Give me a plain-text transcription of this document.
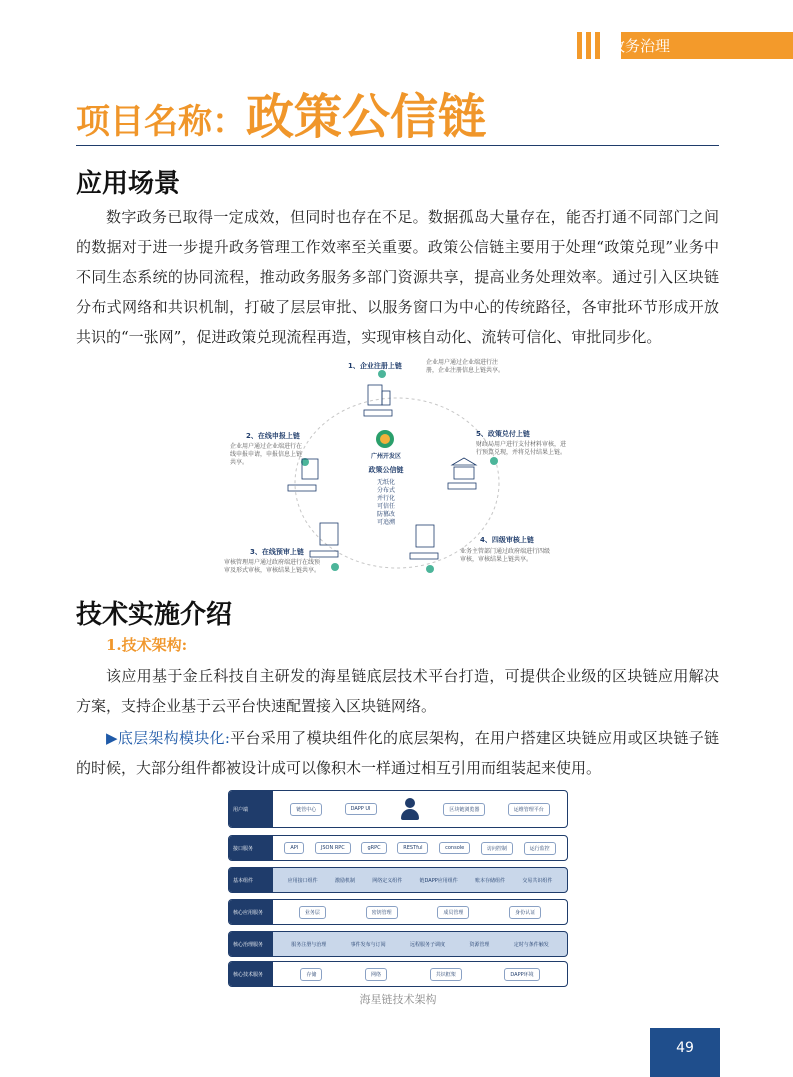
政务治理
项目名称：政策公信链
应用场景
数字政务已取得一定成效，但同时也存在不足。数据孤岛大量存在，能否打通不同部门之间的数据对于进一步提升政务管理工作效率至关重要。政策公信链主要用于处理“政策兑现”业务中不同生态系统的协同流程，推动政务服务多部门资源共享，提高业务处理效率。通过引入区块链分布式网络和共识机制，打破了层层审批、以服务窗口为中心的传统路径，各审批环节形成开放共识的“一张网”，促进政策兑现流程再造，实现审核自动化、流转可信化、审批同步化。
1、企业注册上链	企业用户通过企业端进行注册，企业注册信息上链共享。
2、在线申报上链
企业用户通过企业端进行在线申报申请，申报信息上链共享。
3、在线预审上链
审核管理用户通过政府端进行在线预审及形式审核，审核结果上链共享。
4、四级审核上链
业务主管部门通过政府端进行四级审核，审核结果上链共享。
5、政策兑付上链
财政局用户进行支付材料审核，进行预算兑现，并将兑付结果上链。
广州开发区
政策公信链
无纸化
分布式
并行化
可信任
防篡改
可追溯
技术实施介绍
1.技术架构:
该应用基于金丘科技自主研发的海星链底层技术平台打造，可提供企业级的区块链应用解决方案，支持企业基于云平台快速配置接入区块链网络。
▶底层架构模块化:平台采用了模块组件化的底层架构，在用户搭建区块链应用或区块链子链的时候，大部分组件都被设计成可以像积木一样通过相互引用而组装起来使用。
用户端	链管中心	DAPP UI	区块链浏览器	运维管理平台
接口服务	API	JSON RPC	gRPC	RESTful	console	访问控制	运行监控
基本组件	应用接口组件	激励机制	网络定义组件	链DAPP应用组件	账本存储组件	交易共识组件
核心应用服务	业务层	密钥管理	成员管理	身份认证
核心治理服务	服务注册与治理	事件发布与订阅	远程服务子调度	资源管理	定时与条件触发
核心技术服务	存储	网络	共识框架	DAPP环境
海星链技术架构
49
